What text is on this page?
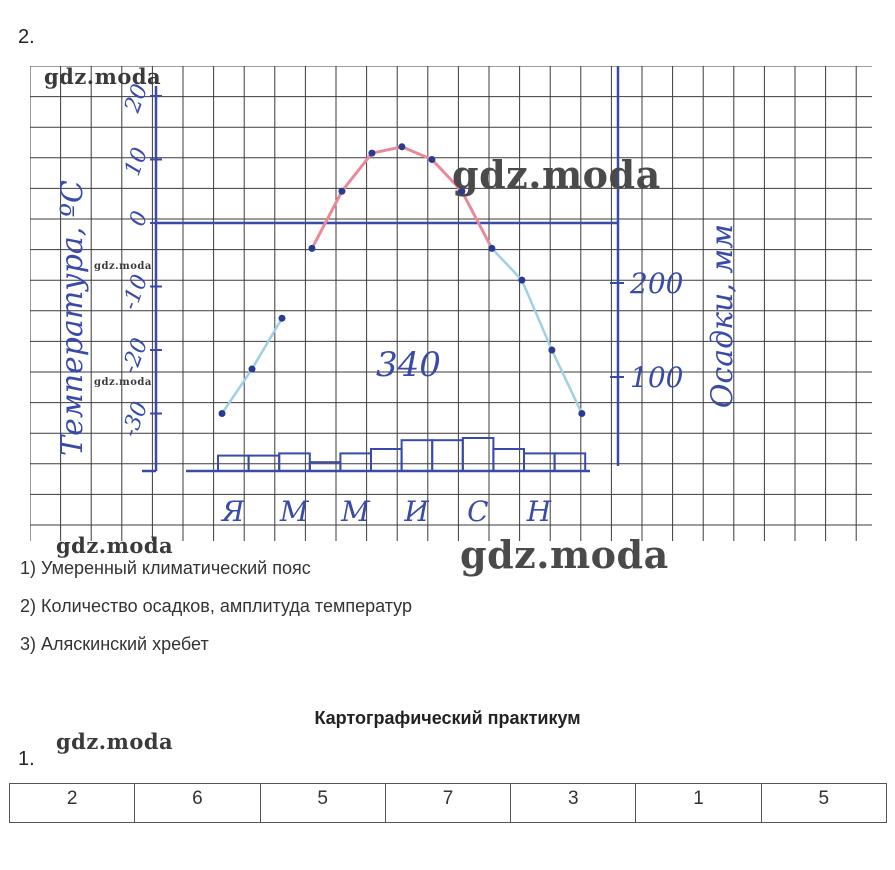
2.
20
10
0
-10
-20
-30
200
100
Я М М И С Н
340
Температура, ºС	Осадки, мм
1) Умеренный климатический пояс
2) Количество осадков, амплитуда температур
3) Аляскинский хребет
Картографический практикум
1.
2	6	5	7	3	1	5
gdz.moda
gdz.moda
gdz.moda
gdz.moda
gdz.moda	gdz.moda
gdz.moda
